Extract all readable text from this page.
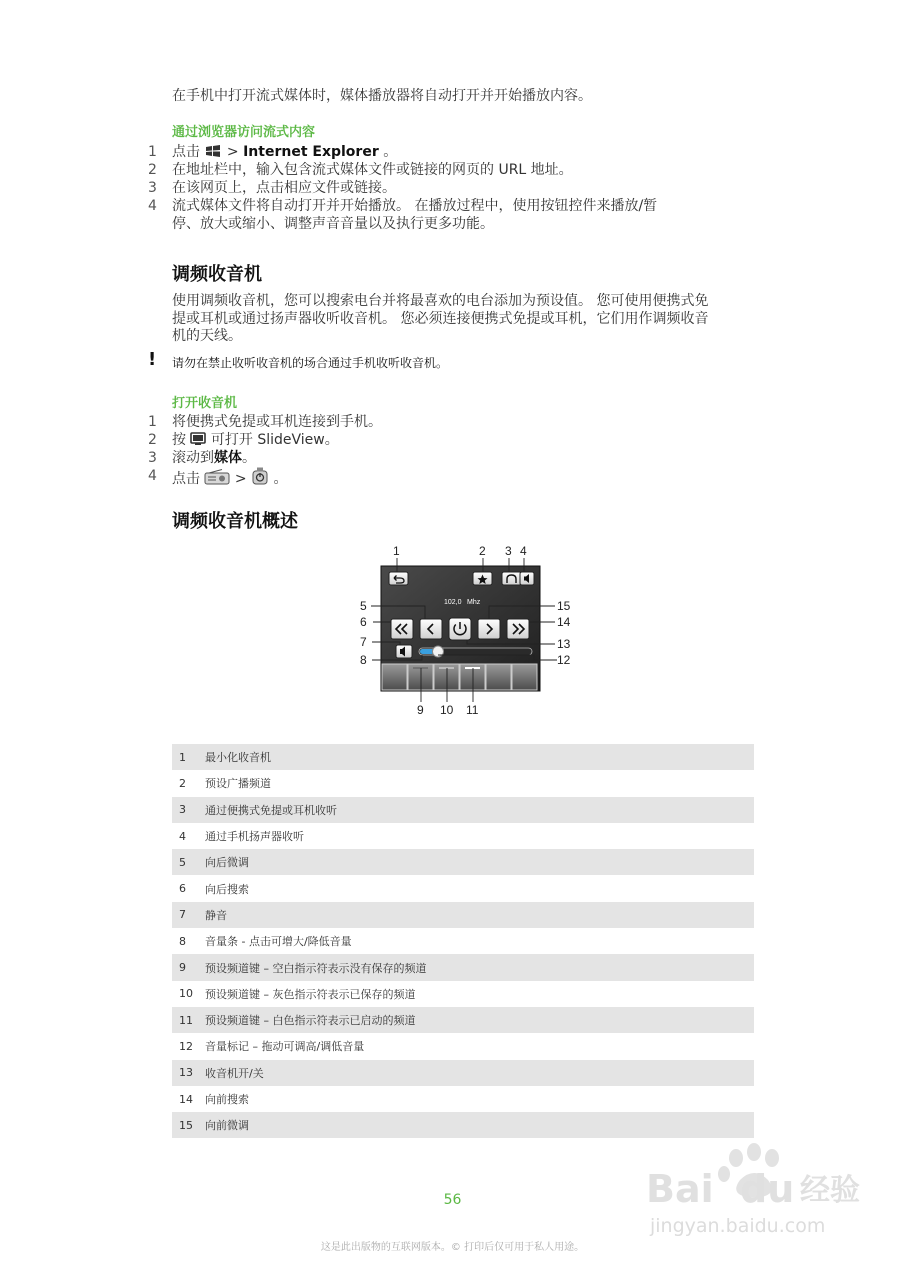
在手机中打开流式媒体时，媒体播放器将自动打开并开始播放内容。
通过浏览器访问流式内容
1 点击  > Internet Explorer 。
2 在地址栏中，输入包含流式媒体文件或链接的网页的 URL 地址。
3 在该网页上，点击相应文件或链接。
4 流式媒体文件将自动打开并开始播放。 在播放过程中，使用按钮控件来播放/暂
停、放大或缩小、调整声音音量以及执行更多功能。
调频收音机
使用调频收音机，您可以搜索电台并将最喜欢的电台添加为预设值。 您可使用便携式免
提或耳机或通过扬声器收听收音机。 您必须连接便携式免提或耳机，它们用作调频收音
机的天线。
! 请勿在禁止收听收音机的场合通过手机收听收音机。
打开收音机
1 将便携式免提或耳机连接到手机。
2 按 可打开 SlideView。
3 滚动到媒体。
4 点击  >  。
调频收音机概述
102,0 Mhz
1	2 3 4
5
6
7
8
9 10 11
12
13
14
15
1	最小化收音机
2	预设广播频道
3	通过便携式免提或耳机收听
4	通过手机扬声器收听
5	向后微调
6	向后搜索
7	静音
8	音量条 - 点击可增大/降低音量
9	预设频道键 – 空白指示符表示没有保存的频道
10	预设频道键 – 灰色指示符表示已保存的频道
11	预设频道键 – 白色指示符表示已启动的频道
12	音量标记 – 拖动可调高/调低音量
13	收音机开/关
14	向前搜索
15	向前微调
Bai du 经验
jingyan.baidu.com
56
这是此出版物的互联网版本。© 打印后仅可用于私人用途。
